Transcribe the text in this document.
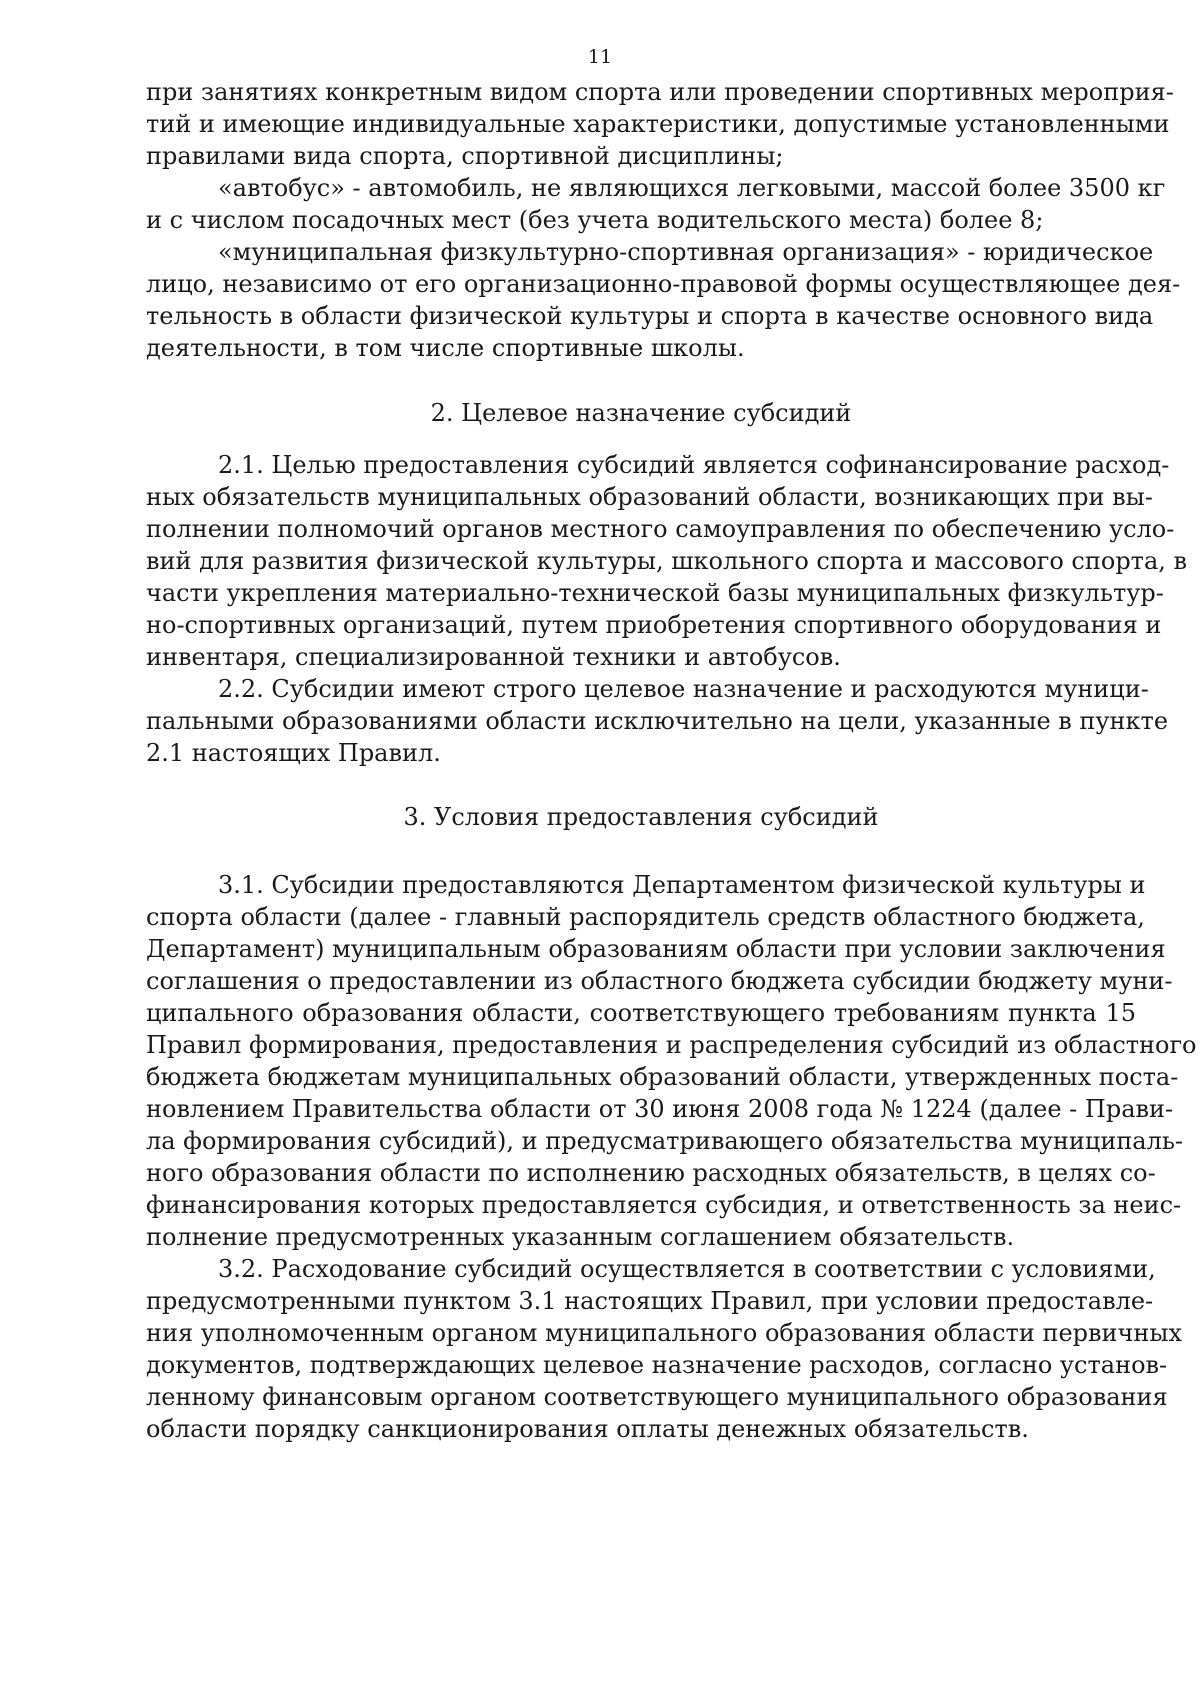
11
при занятиях конкретным видом спорта или проведении спортивных мероприя-
тий и имеющие индивидуальные характеристики, допустимые установленными
правилами вида спорта, спортивной дисциплины;
«автобус» - автомобиль, не являющихся легковыми, массой более 3500 кг
и с числом посадочных мест (без учета водительского места) более 8;
«муниципальная физкультурно-спортивная организация» - юридическое
лицо, независимо от его организационно-правовой формы осуществляющее дея-
тельность в области физической культуры и спорта в качестве основного вида
деятельности, в том числе спортивные школы.
2. Целевое назначение субсидий
2.1. Целью предоставления субсидий является софинансирование расход-
ных обязательств муниципальных образований области, возникающих при вы-
полнении полномочий органов местного самоуправления по обеспечению усло-
вий для развития физической культуры, школьного спорта и массового спорта, в
части укрепления материально-технической базы муниципальных физкультур-
но-спортивных организаций, путем приобретения спортивного оборудования и
инвентаря, специализированной техники и автобусов.
2.2. Субсидии имеют строго целевое назначение и расходуются муници-
пальными образованиями области исключительно на цели, указанные в пункте
2.1 настоящих Правил.
3. Условия предоставления субсидий
3.1. Субсидии предоставляются Департаментом физической культуры и
спорта области (далее - главный распорядитель средств областного бюджета,
Департамент) муниципальным образованиям области при условии заключения
соглашения о предоставлении из областного бюджета субсидии бюджету муни-
ципального образования области, соответствующего требованиям пункта 15
Правил формирования, предоставления и распределения субсидий из областного
бюджета бюджетам муниципальных образований области, утвержденных поста-
новлением Правительства области от 30 июня 2008 года № 1224 (далее - Прави-
ла формирования субсидий), и предусматривающего обязательства муниципаль-
ного образования области по исполнению расходных обязательств, в целях со-
финансирования которых предоставляется субсидия, и ответственность за неис-
полнение предусмотренных указанным соглашением обязательств.
3.2. Расходование субсидий осуществляется в соответствии с условиями,
предусмотренными пунктом 3.1 настоящих Правил, при условии предоставле-
ния уполномоченным органом муниципального образования области первичных
документов, подтверждающих целевое назначение расходов, согласно установ-
ленному финансовым органом соответствующего муниципального образования
области порядку санкционирования оплаты денежных обязательств.
